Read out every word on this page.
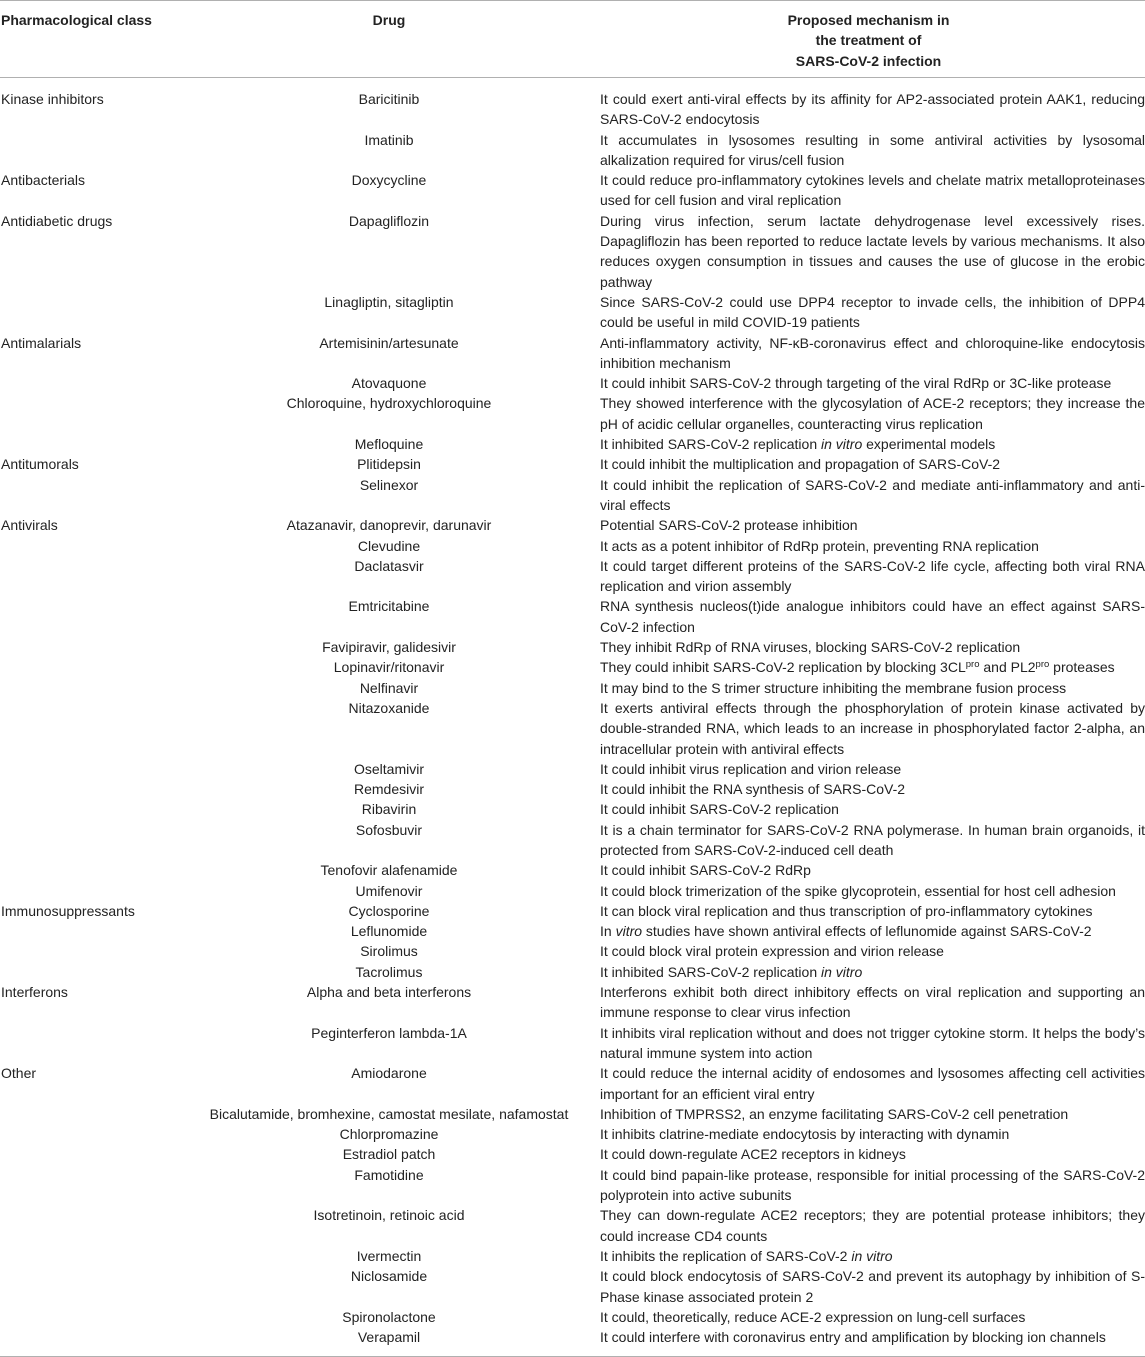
Pharmacological class	Drug	Proposed mechanism in
the treatment of
SARS-CoV-2 infection
Kinase inhibitors	Baricitinib	It could exert anti-viral effects by its affinity for AP2-associated protein AAK1, reducing SARS-CoV-2 endocytosis
Imatinib	It accumulates in lysosomes resulting in some antiviral activities by lysosomal alkalization required for virus/cell fusion
Antibacterials	Doxycycline	It could reduce pro-inflammatory cytokines levels and chelate matrix metalloproteinases used for cell fusion and viral replication
Antidiabetic drugs	Dapagliflozin	During virus infection, serum lactate dehydrogenase level excessively rises. Dapagliflozin has been reported to reduce lactate levels by various mechanisms. It also reduces oxygen consumption in tissues and causes the use of glucose in the erobic pathway
Linagliptin, sitagliptin	Since SARS-CoV-2 could use DPP4 receptor to invade cells, the inhibition of DPP4 could be useful in mild COVID-19 patients
Antimalarials	Artemisinin/artesunate	Anti-inflammatory activity, NF-κB-coronavirus effect and chloroquine-like endocytosis inhibition mechanism
Atovaquone	It could inhibit SARS-CoV-2 through targeting of the viral RdRp or 3C-like protease
Chloroquine, hydroxychloroquine	They showed interference with the glycosylation of ACE-2 receptors; they increase the pH of acidic cellular organelles, counteracting virus replication
Mefloquine	It inhibited SARS-CoV-2 replication in vitro experimental models
Antitumorals	Plitidepsin	It could inhibit the multiplication and propagation of SARS-CoV-2
Selinexor	It could inhibit the replication of SARS-CoV-2 and mediate anti-inflammatory and anti-viral effects
Antivirals	Atazanavir, danoprevir, darunavir	Potential SARS-CoV-2 protease inhibition
Clevudine	It acts as a potent inhibitor of RdRp protein, preventing RNA replication
Daclatasvir	It could target different proteins of the SARS-CoV-2 life cycle, affecting both viral RNA replication and virion assembly
Emtricitabine	RNA synthesis nucleos(t)ide analogue inhibitors could have an effect against SARS-CoV-2 infection
Favipiravir, galidesivir	They inhibit RdRp of RNA viruses, blocking SARS-CoV-2 replication
Lopinavir/ritonavir	They could inhibit SARS-CoV-2 replication by blocking $3CL^{pro}$ and $PL2^{pro}$ proteases
Nelfinavir	It may bind to the S trimer structure inhibiting the membrane fusion process
Nitazoxanide	It exerts antiviral effects through the phosphorylation of protein kinase activated by double-stranded RNA, which leads to an increase in phosphorylated factor 2-alpha, an intracellular protein with antiviral effects
Oseltamivir	It could inhibit virus replication and virion release
Remdesivir	It could inhibit the RNA synthesis of SARS-CoV-2
Ribavirin	It could inhibit SARS-CoV-2 replication
Sofosbuvir	It is a chain terminator for SARS-CoV-2 RNA polymerase. In human brain organoids, it protected from SARS-CoV-2-induced cell death
Tenofovir alafenamide	It could inhibit SARS-CoV-2 RdRp
Umifenovir	It could block trimerization of the spike glycoprotein, essential for host cell adhesion
Immunosuppressants	Cyclosporine	It can block viral replication and thus transcription of pro-inflammatory cytokines
Leflunomide	In vitro studies have shown antiviral effects of leflunomide against SARS-CoV-2
Sirolimus	It could block viral protein expression and virion release
Tacrolimus	It inhibited SARS-CoV-2 replication in vitro
Interferons	Alpha and beta interferons	Interferons exhibit both direct inhibitory effects on viral replication and supporting an immune response to clear virus infection
Peginterferon lambda-1A	It inhibits viral replication without and does not trigger cytokine storm. It helps the body’s natural immune system into action
Other	Amiodarone	It could reduce the internal acidity of endosomes and lysosomes affecting cell activities important for an efficient viral entry
Bicalutamide, bromhexine, camostat mesilate, nafamostat	Inhibition of TMPRSS2, an enzyme facilitating SARS-CoV-2 cell penetration
Chlorpromazine	It inhibits clatrine-mediate endocytosis by interacting with dynamin
Estradiol patch	It could down-regulate ACE2 receptors in kidneys
Famotidine	It could bind papain-like protease, responsible for initial processing of the SARS-CoV-2 polyprotein into active subunits
Isotretinoin, retinoic acid	They can down-regulate ACE2 receptors; they are potential protease inhibitors; they could increase CD4 counts
Ivermectin	It inhibits the replication of SARS-CoV-2 in vitro
Niclosamide	It could block endocytosis of SARS-CoV-2 and prevent its autophagy by inhibition of S-Phase kinase associated protein 2
Spironolactone	It could, theoretically, reduce ACE-2 expression on lung-cell surfaces
Verapamil	It could interfere with coronavirus entry and amplification by blocking ion channels
